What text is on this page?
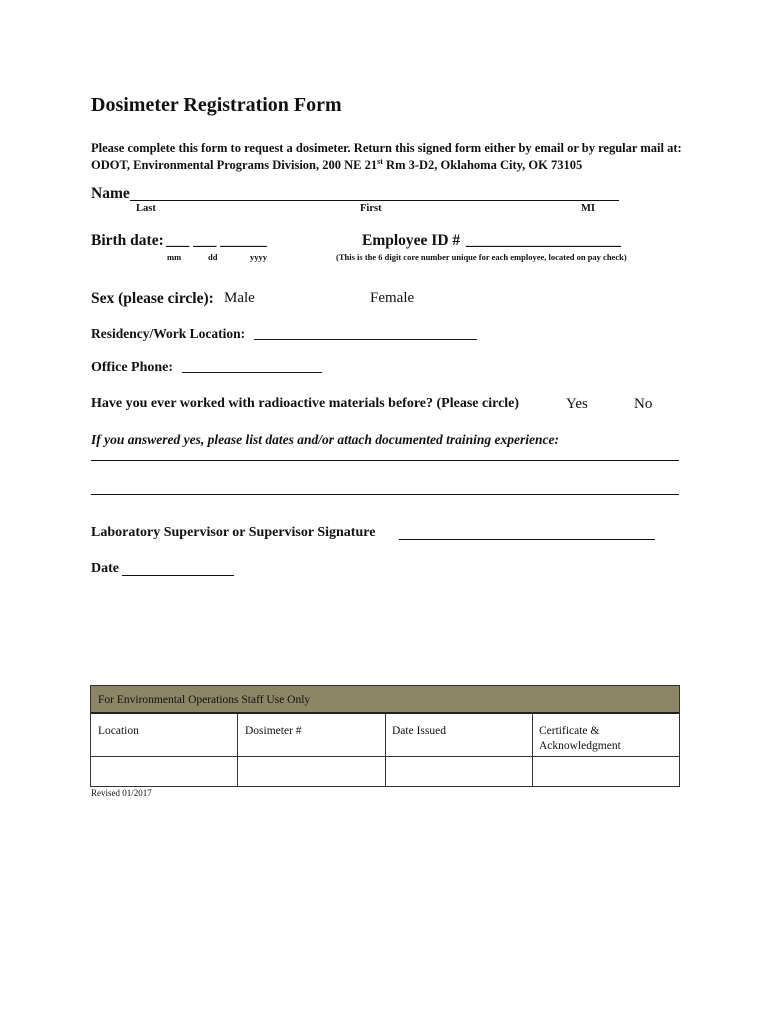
Dosimeter Registration Form
Please complete this form to request a dosimeter. Return this signed form either by email or by regular mail at:
ODOT, Environmental Programs Division, 200 NE 21st Rm 3-D2, Oklahoma City, OK 73105
Name
Last	First	MI
Birth date: ___ ___ ______
mm	dd	yyyy
Employee ID # ____________________
(This is the 6 digit core number unique for each employee, located on pay check)
Sex (please circle): Male	Female
Residency/Work Location: _________________________________
Office Phone: ____________________
Have you ever worked with radioactive materials before? (Please circle)	Yes	No
If you answered yes, please list dates and/or attach documented training experience:
Laboratory Supervisor or Supervisor Signature
Date
For Environmental Operations Staff Use Only
Location	Dosimeter #	Date Issued	Certificate & Acknowledgment
Revised 01/2017
